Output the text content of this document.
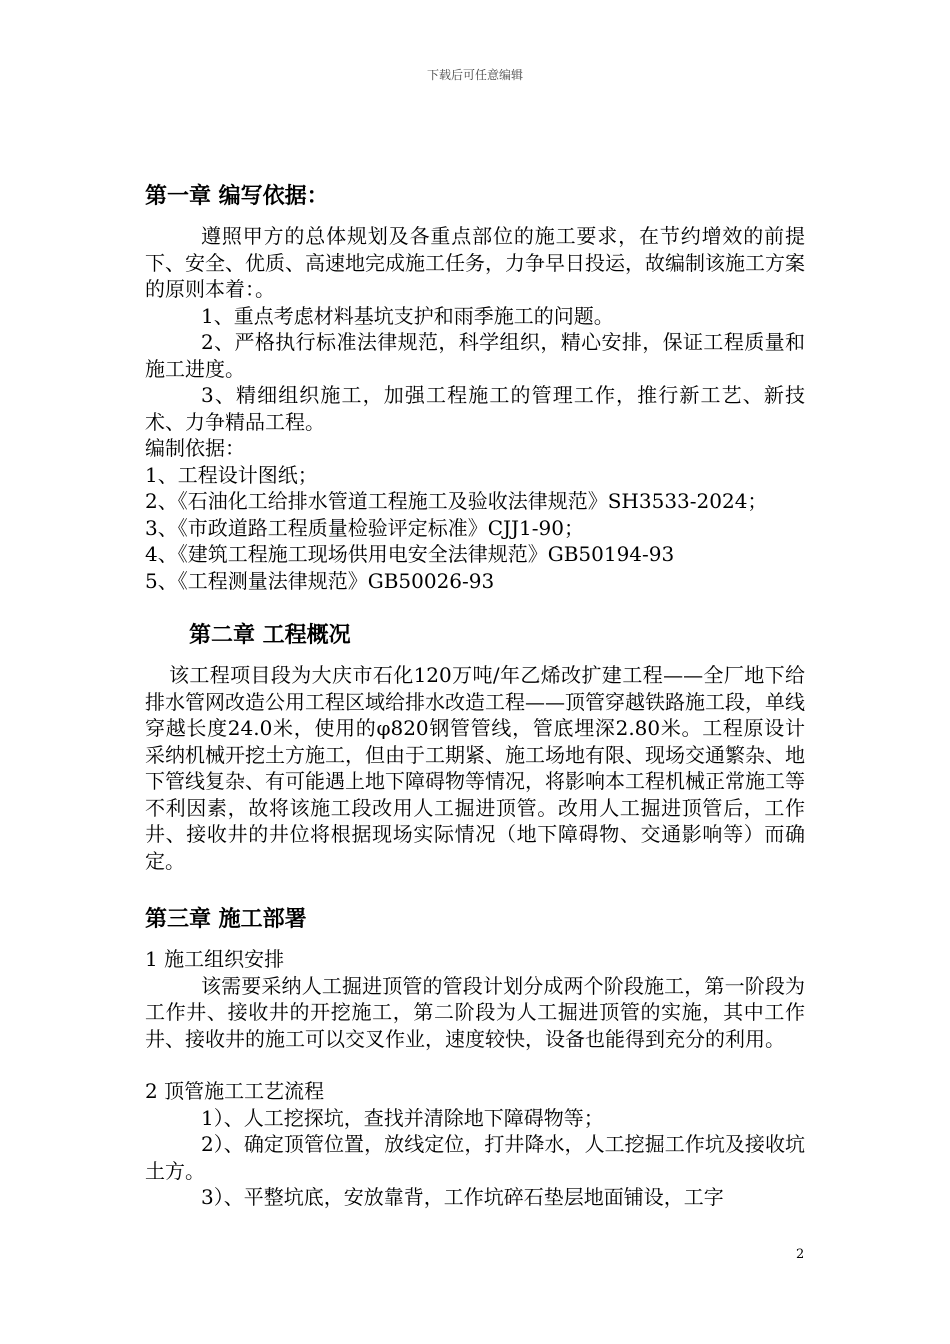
下载后可任意编辑
第一章 编写依据：

遵照甲方的总体规划及各重点部位的施工要求，在节约增效的前提下、安全、优质、高速地完成施工任务，力争早日投运，故编制该施工方案的原则本着：。

1、重点考虑材料基坑支护和雨季施工的问题。

2、严格执行标准法律规范，科学组织，精心安排，保证工程质量和施工进度。

3、精细组织施工，加强工程施工的管理工作，推行新工艺、新技术、力争精品工程。

编制依据：

1、工程设计图纸；

2、《石油化工给排水管道工程施工及验收法律规范》SH3533-2024；

3、《市政道路工程质量检验评定标准》CJJ1-90；

4、《建筑工程施工现场供用电安全法律规范》GB50194-93

5、《工程测量法律规范》GB50026-93

第二章 工程概况

该工程项目段为大庆市石化120万吨/年乙烯改扩建工程——全厂地下给排水管网改造公用工程区域给排水改造工程——顶管穿越铁路施工段，单线穿越长度24.0米，使用的φ820钢管管线，管底埋深2.80米。工程原设计采纳机械开挖土方施工，但由于工期紧、施工场地有限、现场交通繁杂、地下管线复杂、有可能遇上地下障碍物等情况，将影响本工程机械正常施工等不利因素，故将该施工段改用人工掘进顶管。改用人工掘进顶管后，工作井、接收井的井位将根据现场实际情况（地下障碍物、交通影响等）而确定。

第三章 施工部署

1 施工组织安排

该需要采纳人工掘进顶管的管段计划分成两个阶段施工，第一阶段为工作井、接收井的开挖施工，第二阶段为人工掘进顶管的实施，其中工作井、接收井的施工可以交叉作业，速度较快，设备也能得到充分的利用。

2 顶管施工工艺流程

1）、人工挖探坑，查找并清除地下障碍物等；

2）、确定顶管位置，放线定位，打井降水，人工挖掘工作坑及接收坑土方。

3）、平整坑底，安放靠背，工作坑碎石垫层地面铺设，工字

2
